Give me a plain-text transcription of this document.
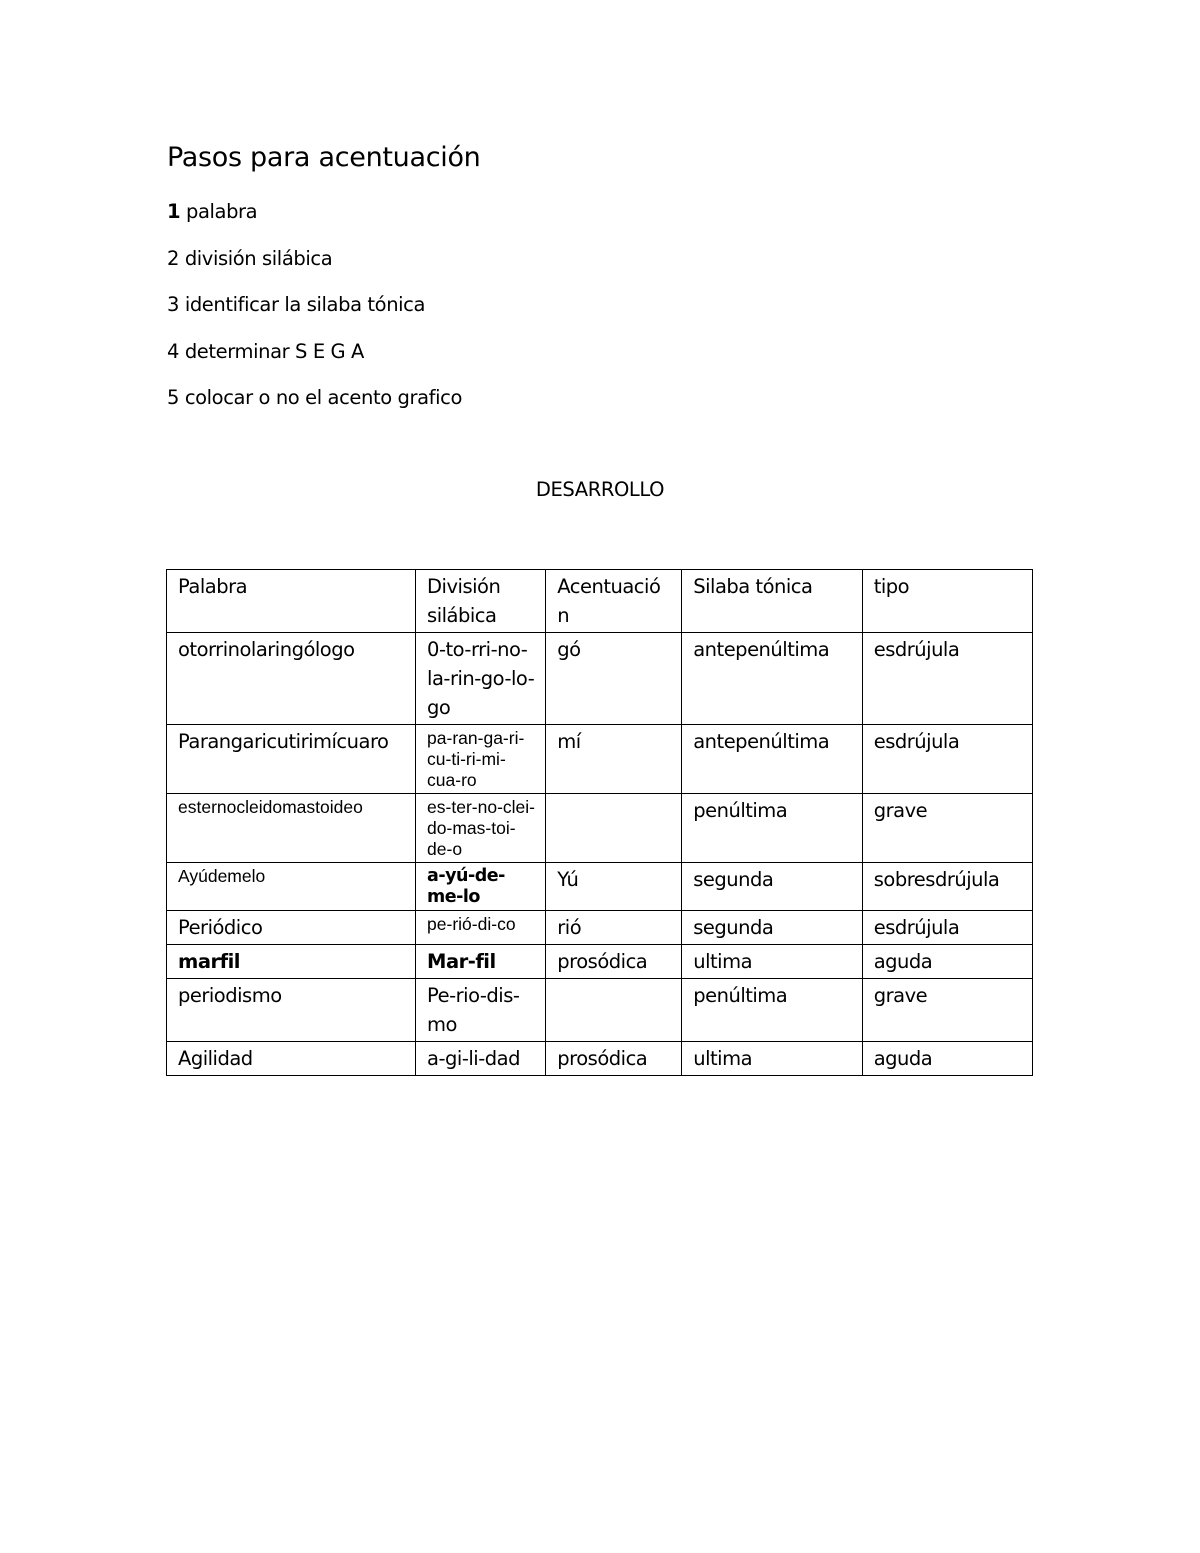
Pasos para acentuación
1 palabra
2 división silábica
3 identificar la silaba tónica
4 determinar S E G A
5 colocar o no el acento grafico
DESARROLLO
Palabra	División silábica	Acentuación	Silaba tónica	tipo
otorrinolaringólogo	0-to-rri-no-la-rin-go-lo-go	gó	antepenúltima	esdrújula
Parangaricutirimícuaro	pa-ran-ga-ri-cu-ti-ri-mi-cua-ro	mí	antepenúltima	esdrújula
esternocleidomastoideo	es-ter-no-clei-do-mas-toi-de-o		penúltima	grave
Ayúdemelo	a-yú-de-me-lo	Yú	segunda	sobresdrújula
Periódico	pe-rió-di-co	rió	segunda	esdrújula
marfil	Mar-fil	prosódica	ultima	aguda
periodismo	Pe-rio-dis-mo		penúltima	grave
Agilidad	a-gi-li-dad	prosódica	ultima	aguda
